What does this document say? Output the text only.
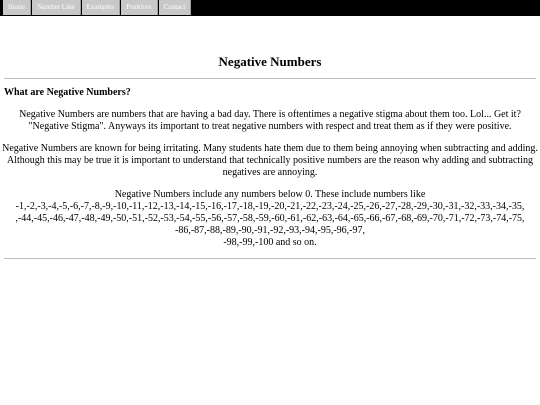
Home	Number Line	Examples	Positives	Contact
Negative Numbers
What are Negative Numbers?

Negative Numbers are numbers that are having a bad day. There is oftentimes a negative stigma about them too. Lol... Get it? "Negative Stigma". Anyways its important to treat negative numbers with respect and treat them as if they were positive.

Negative Numbers are known for being irritating. Many students hate them due to them being annoying when subtracting and adding. Although this may be true it is important to understand that technically positive numbers are the reason why adding and subtracting negatives are annoying.

Negative Numbers include any numbers below 0. These include numbers like
-1,-2,-3,-4,-5,-6,-7,-8,-9,-10,-11,-12,-13,-14,-15,-16,-17,-18,-19,-20,-21,-22,-23,-24,-25,-26,-27,-28,-29,-30,-31,-32,-33,-34,-35,
,-44,-45,-46,-47,-48,-49,-50,-51,-52,-53,-54,-55,-56,-57,-58,-59,-60,-61,-62,-63,-64,-65,-66,-67,-68,-69,-70,-71,-72,-73,-74,-75,
-86,-87,-88,-89,-90,-91,-92,-93,-94,-95,-96,-97,
-98,-99,-100 and so on.
